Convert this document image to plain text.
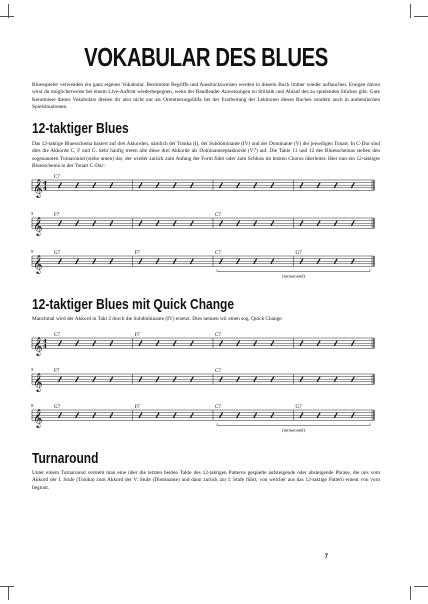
VOKABULAR DES BLUES
Bluesspieler verwenden ein ganz eigenes Vokabular. Bestimmte Begriffe und Ausdrucksweisen werden in diesem Buch immer wieder auftauchen. Einigen davon wirst du möglicherweise bei einem Live-Auftritt wiederbegegnen, wenn der Bandleader Anweisungen zu Stilistik und Ablauf des zu spielenden Stückes gibt. Gute Kenntnisse dieses Vokabulars dienen dir also nicht nur als Orientierungshilfe bei der Erarbeitung der Lektionen dieses Buches sondern auch in authentischen Spielsituationen.
12-taktiger Blues
Das 12-taktige Bluesschema basiert auf drei Akkorden, nämlich der Tonika (I), der Subdominante (IV) und der Dominante (V) der jeweiligen Tonart. In C-Dur sind dies die Akkorde C, F und G. Sehr häufig treten alle diese drei Akkorde als Dominantseptakkorde (V7) auf. Die Takte 11 und 12 des Bluesschemas stellen den sogenannten Turnaround (siehe unten) dar, der wieder zurück zum Anfang der Form führt oder zum Schluss im letzten Chorus überleitet. Hier nun ein 12-taktiges Bluesschema in der Tonart C-Dur:
𝄞 4
4
C7
𝄞
5	F7	C7
𝄞
9	G7	F7	C7	G7
(turnaround)
12-taktiger Blues mit Quick Change
Manchmal wird der Akkord in Takt 2 durch die Subdominante (IV) ersetzt. Dies nennen wir einen sog. Quick Change.
𝄞 4
4
C7	F7	C7
𝄞
5	F7	C7
𝄞
9	G7	F7	C7	G7
(turnaround)
Turnaround
Unter einem Turnaround versteht man eine über die letzten beiden Takte des 12-taktigen Patterns gespielte aufsteigende oder absteigende Phrase, die uns vom Akkord der I. Stufe (Tonika) zum Akkord der V. Stufe (Dominante) und dann zurück zur I. Stufe führt, von welcher aus das 12-taktige Pattern erneut von vorn beginnt.
7
